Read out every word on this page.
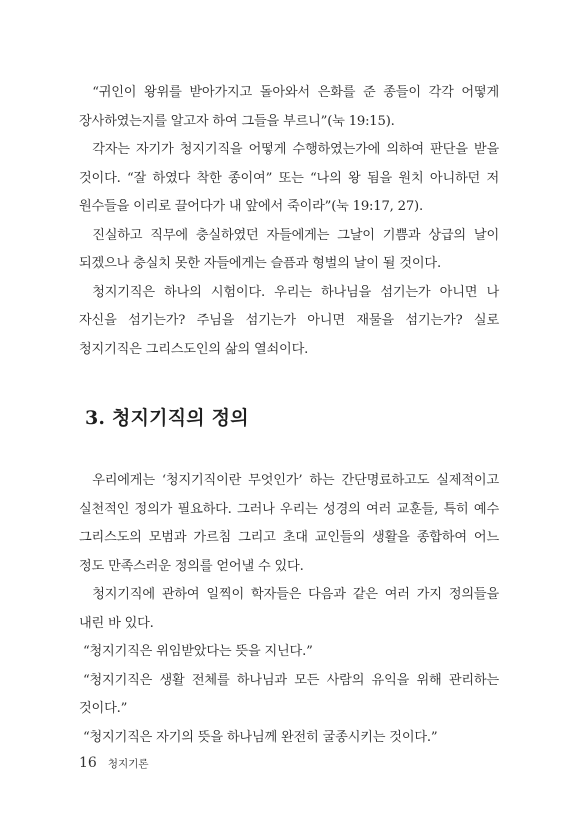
“귀인이 왕위를 받아가지고 돌아와서 은화를 준 종들이 각각 어떻게 장사하였는지를 알고자 하여 그들을 부르니”(눅 19:15).

각자는 자기가 청지기직을 어떻게 수행하였는가에 의하여 판단을 받을 것이다. “잘 하였다 착한 종이여” 또는 “나의 왕 됨을 원치 아니하던 저 원수들을 이리로 끌어다가 내 앞에서 죽이라”(눅 19:17, 27).

진실하고 직무에 충실하였던 자들에게는 그날이 기쁨과 상급의 날이 되겠으나 충실치 못한 자들에게는 슬픔과 형벌의 날이 될 것이다.

청지기직은 하나의 시험이다. 우리는 하나님을 섬기는가 아니면 나 자신을 섬기는가? 주님을 섬기는가 아니면 재물을 섬기는가? 실로 청지기직은 그리스도인의 삶의 열쇠이다.

3. 청지기직의 정의

우리에게는 ‘청지기직이란 무엇인가’ 하는 간단명료하고도 실제적이고 실천적인 정의가 필요하다. 그러나 우리는 성경의 여러 교훈들, 특히 예수 그리스도의 모범과 가르침 그리고 초대 교인들의 생활을 종합하여 어느 정도 만족스러운 정의를 얻어낼 수 있다.

청지기직에 관하여 일찍이 학자들은 다음과 같은 여러 가지 정의들을 내린 바 있다.

“청지기직은 위임받았다는 뜻을 지닌다.”

“청지기직은 생활 전체를 하나님과 모든 사람의 유익을 위해 관리하는 것이다.”

“청지기직은 자기의 뜻을 하나님께 완전히 굴종시키는 것이다.”

16 청지기론
